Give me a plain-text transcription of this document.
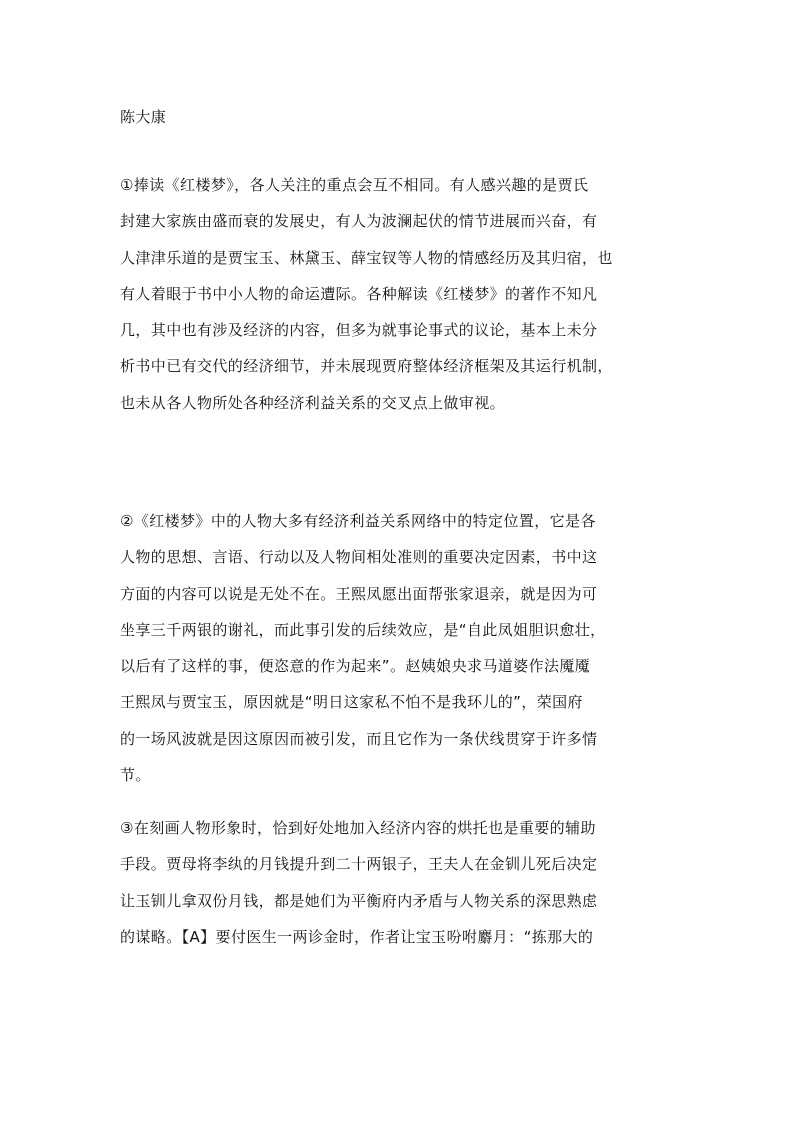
陈大康
①捧读《红楼梦》，各人关注的重点会互不相同。有人感兴趣的是贾氏
封建大家族由盛而衰的发展史，有人为波澜起伏的情节进展而兴奋，有
人津津乐道的是贾宝玉、林黛玉、薛宝钗等人物的情感经历及其归宿，也
有人着眼于书中小人物的命运遭际。各种解读《红楼梦》的著作不知凡
几，其中也有涉及经济的内容，但多为就事论事式的议论，基本上未分
析书中已有交代的经济细节，并未展现贾府整体经济框架及其运行机制，
也未从各人物所处各种经济利益关系的交叉点上做审视。
②《红楼梦》中的人物大多有经济利益关系网络中的特定位置，它是各
人物的思想、言语、行动以及人物间相处准则的重要决定因素，书中这
方面的内容可以说是无处不在。王熙凤愿出面帮张家退亲，就是因为可
坐享三千两银的谢礼，而此事引发的后续效应，是“自此凤姐胆识愈壮，
以后有了这样的事，便恣意的作为起来”。赵姨娘央求马道婆作法魇魇
王熙凤与贾宝玉，原因就是“明日这家私不怕不是我环儿的”，荣国府
的一场风波就是因这原因而被引发，而且它作为一条伏线贯穿于许多情
节。
③在刻画人物形象时，恰到好处地加入经济内容的烘托也是重要的辅助
手段。贾母将李纨的月钱提升到二十两银子，王夫人在金钏儿死后决定
让玉钏儿拿双份月钱，都是她们为平衡府内矛盾与人物关系的深思熟虑
的谋略。【A】要付医生一两诊金时，作者让宝玉吩咐麝月：“拣那大的
